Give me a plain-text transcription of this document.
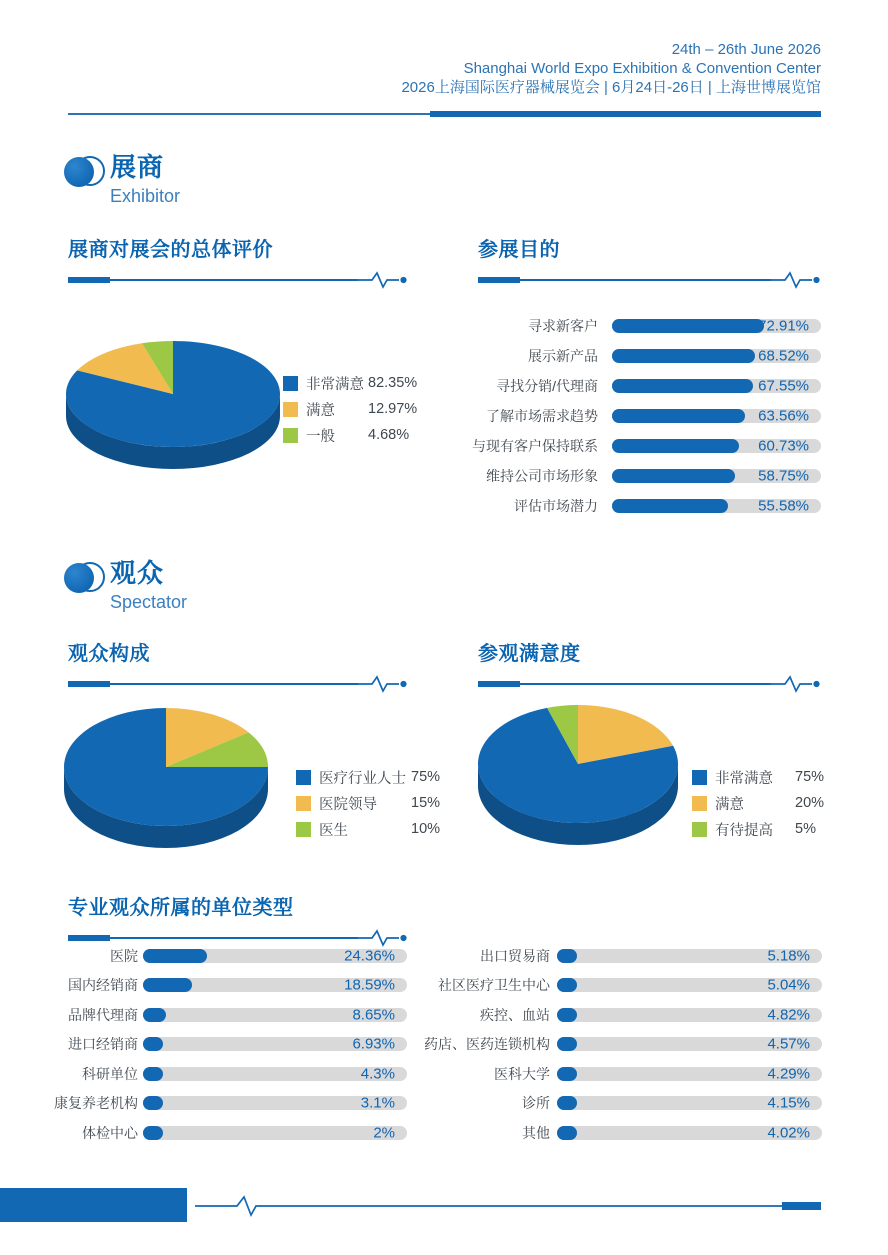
24th – 26th June 2026
Shanghai World Expo Exhibition & Convention Center
2026上海国际医疗器械展览会 | 6月24日-26日 | 上海世博展览馆
展商
Exhibitor
展商对展会的总体评价	参展目的
非常满意 82.35%
满意	12.97%
一般	4.68%
寻求新客户	72.91%
展示新产品	68.52%
寻找分销/代理商	67.55%
了解市场需求趋势	63.56%
与现有客户保持联系	60.73%
维持公司市场形象	58.75%
评估市场潜力	55.58%
观众
Spectator
观众构成	参观满意度
医疗行业人士 75%
医院领导	15%
医生	10%
非常满意	75%
满意	20%
有待提高	5%
专业观众所属的单位类型
医院	24.36%
国内经销商	18.59%
品牌代理商	8.65%
进口经销商	6.93%
科研单位	4.3%
康复养老机构	3.1%
体检中心	2%
出口贸易商	5.18%
社区医疗卫生中心	5.04%
疾控、血站	4.82%
药店、医药连锁机构	4.57%
医科大学	4.29%
诊所	4.15%
其他	4.02%
